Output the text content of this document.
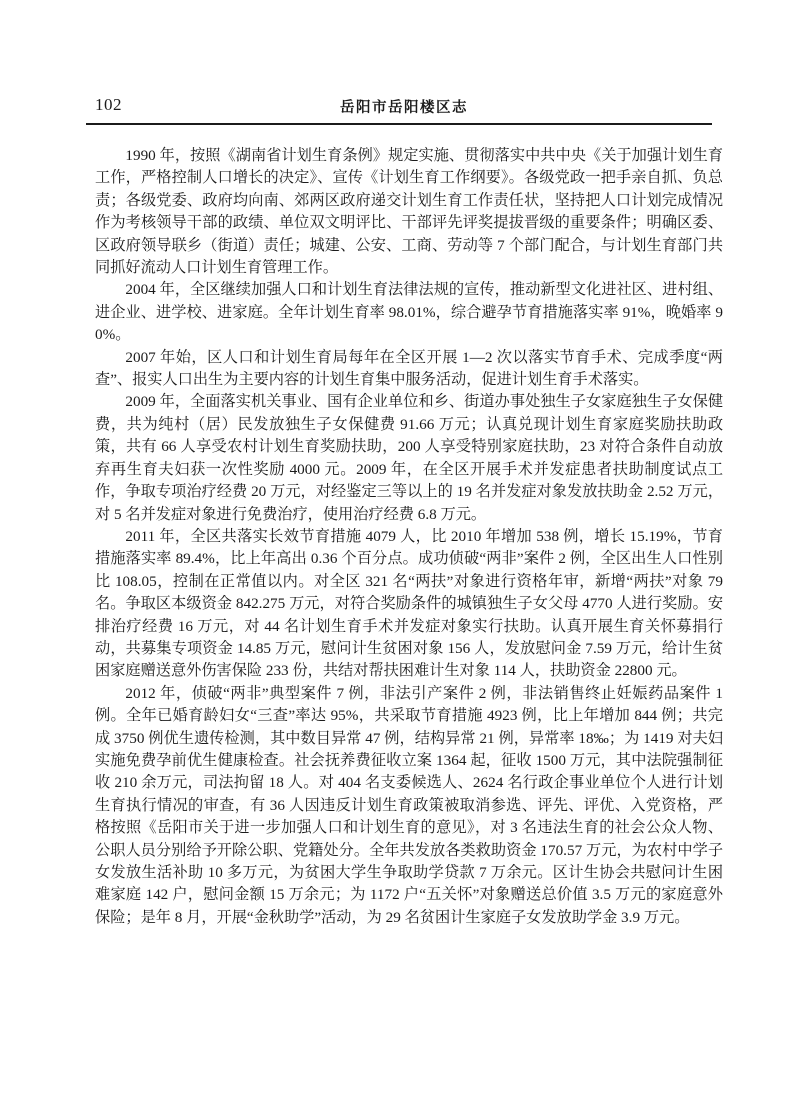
102	岳阳市岳阳楼区志

1990 年，按照《湖南省计划生育条例》规定实施、贯彻落实中共中央《关于加强计划生育工作，严格控制人口增长的决定》、宣传《计划生育工作纲要》。各级党政一把手亲自抓、负总责；各级党委、政府均向南、郊两区政府递交计划生育工作责任状，坚持把人口计划完成情况作为考核领导干部的政绩、单位双文明评比、干部评先评奖提拔晋级的重要条件；明确区委、区政府领导联乡（街道）责任；城建、公安、工商、劳动等 7 个部门配合，与计划生育部门共同抓好流动人口计划生育管理工作。

2004 年，全区继续加强人口和计划生育法律法规的宣传，推动新型文化进社区、进村组、进企业、进学校、进家庭。全年计划生育率 98.01%，综合避孕节育措施落实率 91%，晚婚率 90%。

2007 年始，区人口和计划生育局每年在全区开展 1—2 次以落实节育手术、完成季度“两查”、报实人口出生为主要内容的计划生育集中服务活动，促进计划生育手术落实。

2009 年，全面落实机关事业、国有企业单位和乡、街道办事处独生子女家庭独生子女保健费，共为纯村（居）民发放独生子女保健费 91.66 万元；认真兑现计划生育家庭奖励扶助政策，共有 66 人享受农村计划生育奖励扶助，200 人享受特别家庭扶助，23 对符合条件自动放弃再生育夫妇获一次性奖励 4000 元。2009 年，在全区开展手术并发症患者扶助制度试点工作，争取专项治疗经费 20 万元，对经鉴定三等以上的 19 名并发症对象发放扶助金 2.52 万元，对 5 名并发症对象进行免费治疗，使用治疗经费 6.8 万元。

2011 年，全区共落实长效节育措施 4079 人，比 2010 年增加 538 例，增长 15.19%，节育措施落实率 89.4%，比上年高出 0.36 个百分点。成功侦破“两非”案件 2 例，全区出生人口性别比 108.05，控制在正常值以内。对全区 321 名“两扶”对象进行资格年审，新增“两扶”对象 79 名。争取区本级资金 842.275 万元，对符合奖励条件的城镇独生子女父母 4770 人进行奖励。安排治疗经费 16 万元，对 44 名计划生育手术并发症对象实行扶助。认真开展生育关怀募捐行动，共募集专项资金 14.85 万元，慰问计生贫困对象 156 人，发放慰问金 7.59 万元，给计生贫困家庭赠送意外伤害保险 233 份，共结对帮扶困难计生对象 114 人，扶助资金 22800 元。

2012 年，侦破“两非”典型案件 7 例，非法引产案件 2 例，非法销售终止妊娠药品案件 1 例。全年已婚育龄妇女“三查”率达 95%，共采取节育措施 4923 例，比上年增加 844 例；共完成 3750 例优生遗传检测，其中数目异常 47 例，结构异常 21 例，异常率 18‰；为 1419 对夫妇实施免费孕前优生健康检查。社会抚养费征收立案 1364 起，征收 1500 万元，其中法院强制征收 210 余万元，司法拘留 18 人。对 404 名支委候选人、2624 名行政企事业单位个人进行计划生育执行情况的审查，有 36 人因违反计划生育政策被取消参选、评先、评优、入党资格，严格按照《岳阳市关于进一步加强人口和计划生育的意见》，对 3 名违法生育的社会公众人物、公职人员分别给予开除公职、党籍处分。全年共发放各类救助资金 170.57 万元，为农村中学子女发放生活补助 10 多万元，为贫困大学生争取助学贷款 7 万余元。区计生协会共慰问计生困难家庭 142 户，慰问金额 15 万余元；为 1172 户“五关怀”对象赠送总价值 3.5 万元的家庭意外保险；是年 8 月，开展“金秋助学”活动，为 29 名贫困计生家庭子女发放助学金 3.9 万元。
